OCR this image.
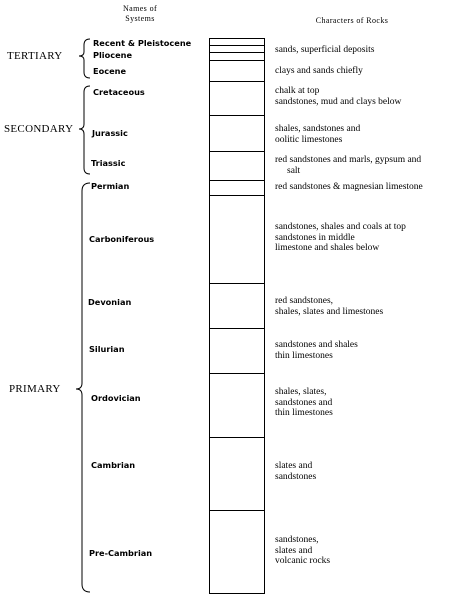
Names of
Systems	Characters of Rocks
TERTIARY
SECONDARY
PRIMARY
Recent & Pleistocene
Pliocene
Eocene
Cretaceous
Jurassic
Triassic
Permian
Carboniferous
Devonian
Silurian
Ordovician
Cambrian
Pre-Cambrian
sands, superficial deposits
clays and sands chiefly
chalk at top
sandstones, mud and clays below
shales, sandstones and
oolitic limestones
red sandstones and marls, gypsum and
salt
red sandstones & magnesian limestone
sandstones, shales and coals at top
sandstones in middle
limestone and shales below
red sandstones,
shales, slates and limestones
sandstones and shales
thin limestones
shales, slates,
sandstones and
thin limestones
slates and
sandstones
sandstones,
slates and
volcanic rocks
